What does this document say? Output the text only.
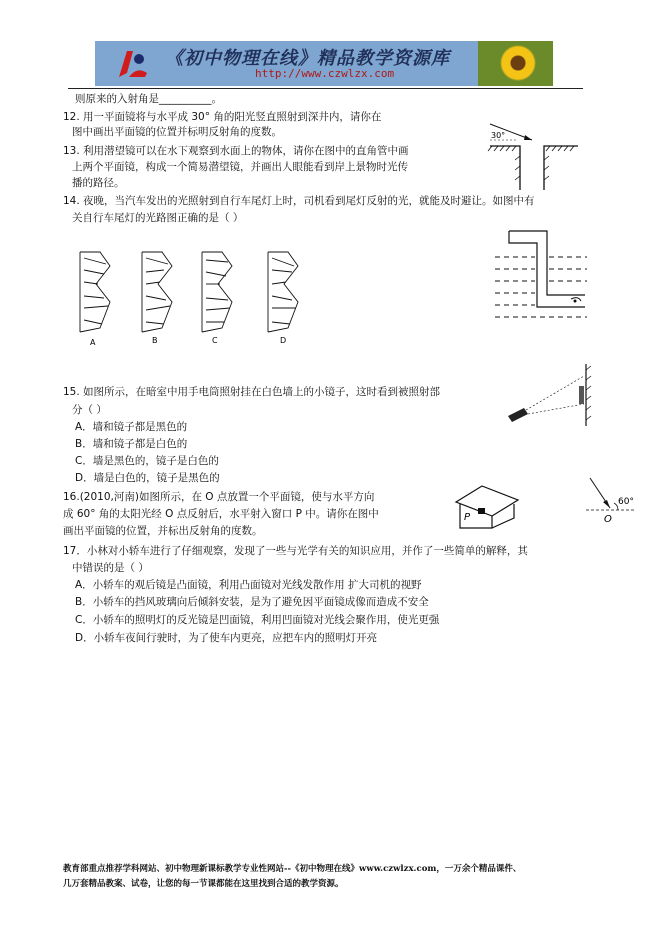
《初中物理在线》精品教学资源库
http://www.czwlzx.com
则原来的入射角是__________。
12. 用一平面镜将与水平成 30° 角的阳光竖直照射到深井内，请你在
图中画出平面镜的位置并标明反射角的度数。
13. 利用潜望镜可以在水下观察到水面上的物体，请你在图中的直角管中画
上两个平面镜，构成一个简易潜望镜，并画出人眼能看到岸上景物时光传
播的路径。
14. 夜晚，当汽车发出的光照射到自行车尾灯上时，司机看到尾灯反射的光，就能及时避让。如图中有
关自行车尾灯的光路图正确的是（ ）
15. 如图所示，在暗室中用手电筒照射挂在白色墙上的小镜子，这时看到被照射部
分（ ）
A．墙和镜子都是黑色的
B．墙和镜子都是白色的
C．墙是黑色的，镜子是白色的
D．墙是白色的，镜子是黑色的
16.(2010,河南)如图所示，在 O 点放置一个平面镜，使与水平方向
成 60° 角的太阳光经 O 点反射后，水平射入窗口 P 中。请你在图中
画出平面镜的位置，并标出反射角的度数。
17．小林对小轿车进行了仔细观察，发现了一些与光学有关的知识应用，并作了一些简单的解释，其
中错误的是（ ）
A．小轿车的观后镜是凸面镜，利用凸面镜对光线发散作用 扩大司机的视野
B．小轿车的挡风玻璃向后倾斜安装，是为了避免因平面镜成像而造成不安全
C．小轿车的照明灯的反光镜是凹面镜，利用凹面镜对光线会聚作用，使光更强
D．小轿车夜间行驶时，为了使车内更亮，应把车内的照明灯开亮
30°
A	B	C	D
P
60°
O
教育部重点推荐学科网站、初中物理新课标教学专业性网站--《初中物理在线》www.czwlzx.com，一万余个精品课件、
几万套精品教案、试卷，让您的每一节课都能在这里找到合适的教学资源。
